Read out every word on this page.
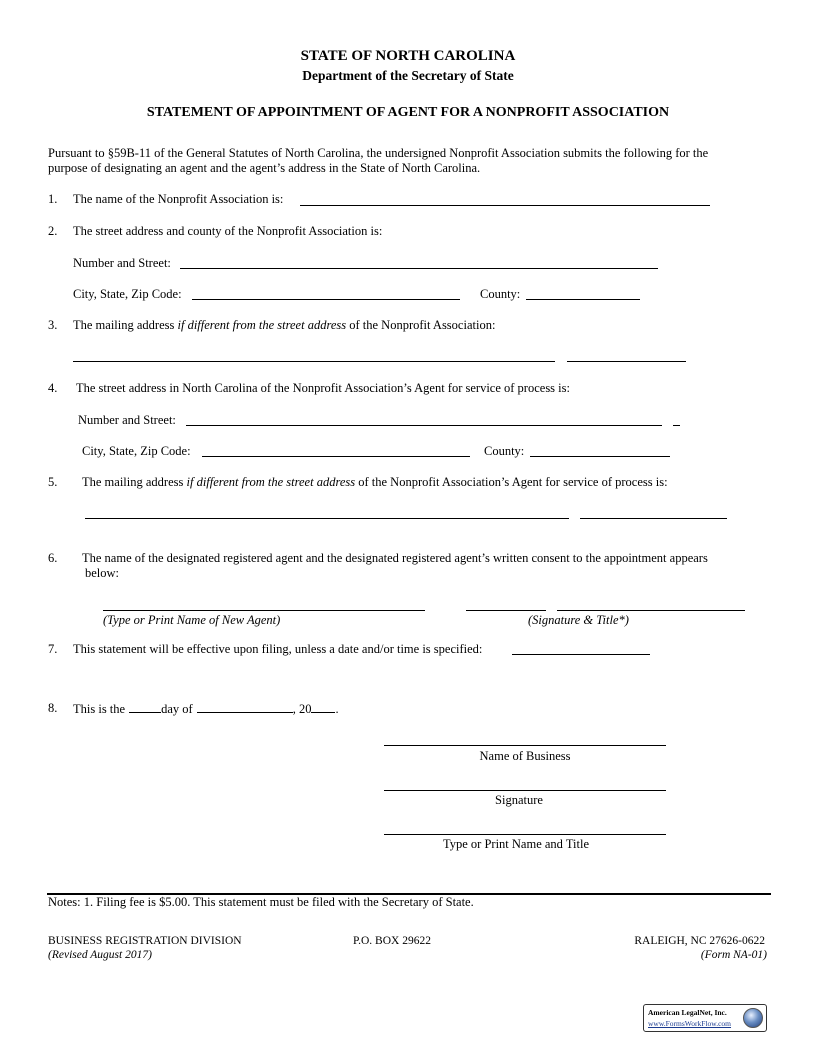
STATE OF NORTH CAROLINA
Department of the Secretary of State
STATEMENT OF APPOINTMENT OF AGENT FOR A NONPROFIT ASSOCIATION
Pursuant to §59B-11 of the General Statutes of North Carolina, the undersigned Nonprofit Association submits the following for the
purpose of designating an agent and the agent’s address in the State of North Carolina.
1. The name of the Nonprofit Association is:
2. The street address and county of the Nonprofit Association is:
Number and Street:
City, State, Zip Code:	County:
3. The mailing address if different from the street address of the Nonprofit Association:
4. The street address in North Carolina of the Nonprofit Association’s Agent for service of process is:
Number and Street:
City, State, Zip Code:	County:
5. The mailing address if different from the street address of the Nonprofit Association’s Agent for service of process is:
6. The name of the designated registered agent and the designated registered agent’s written consent to the appointment appears
below:
(Type or Print Name of New Agent)	(Signature & Title*)
7. This statement will be effective upon filing, unless a date and/or time is specified:
8. This is the	day of	, 20 .
Name of Business
Signature
Type or Print Name and Title
Notes: 1. Filing fee is $5.00. This statement must be filed with the Secretary of State.
BUSINESS REGISTRATION DIVISION
(Revised August 2017)
P.O. BOX 29622	RALEIGH, NC 27626-0622
(Form NA-01)
American LegalNet, Inc.
www.FormsWorkFlow.com
